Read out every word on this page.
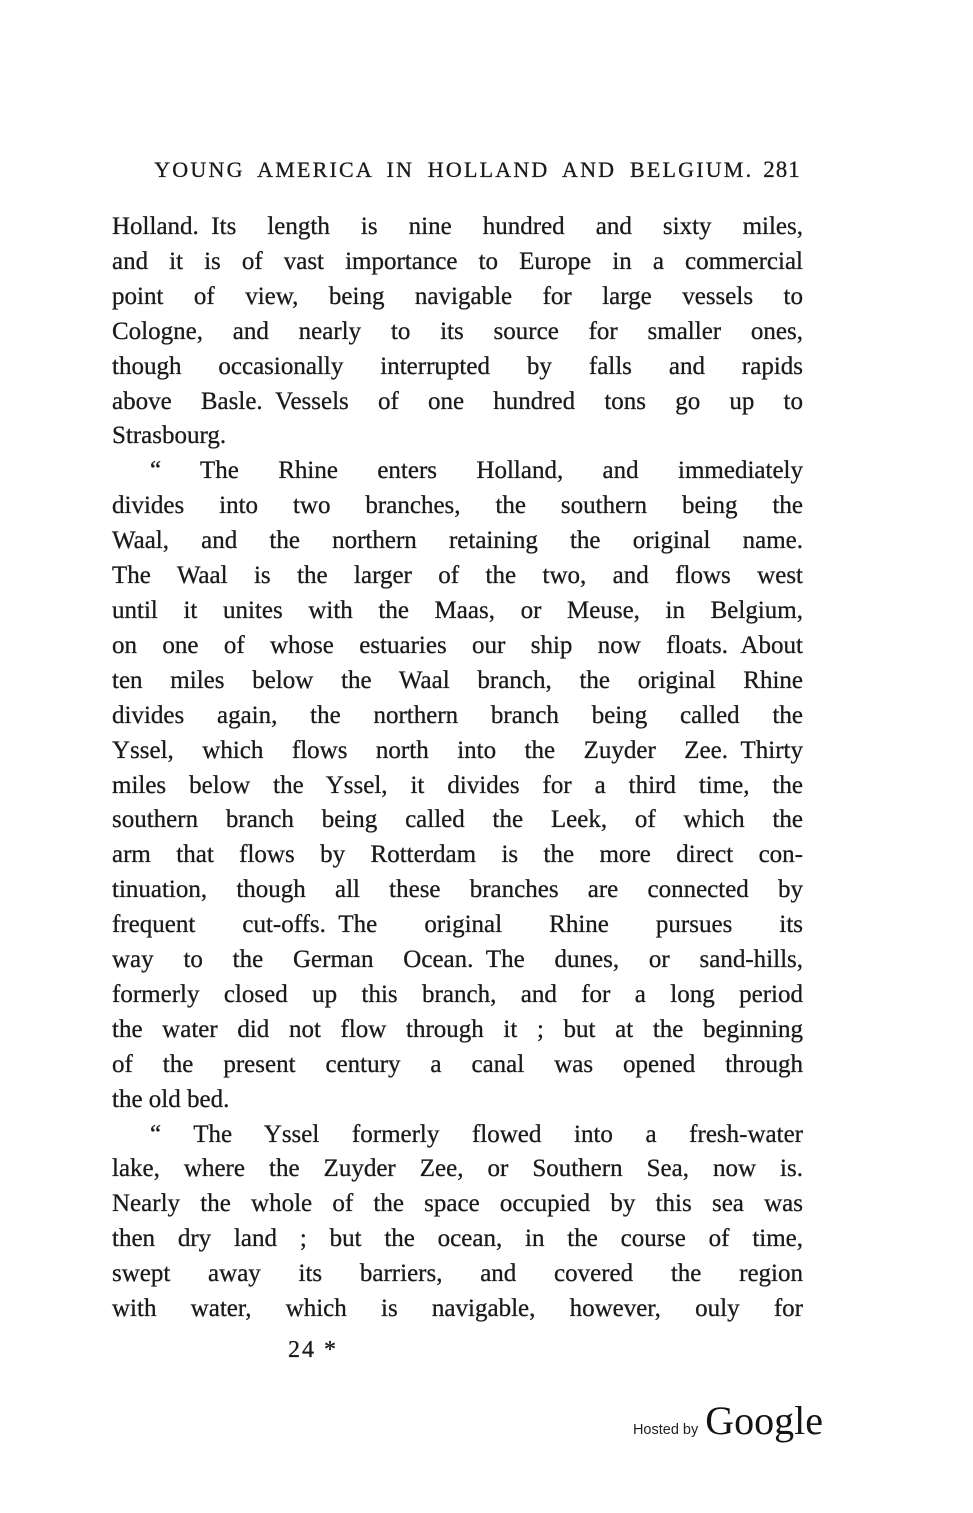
YOUNG AMERICA IN HOLLAND AND BELGIUM. 281
Holland. Its length is nine hundred and sixty miles,
and it is of vast importance to Europe in a commercial
point of view, being navigable for large vessels to
Cologne, and nearly to its source for smaller ones,
though occasionally interrupted by falls and rapids
above Basle. Vessels of one hundred tons go up to
Strasbourg.
“ The Rhine enters Holland, and immediately
divides into two branches, the southern being the
Waal, and the northern retaining the original name.
The Waal is the larger of the two, and flows west
until it unites with the Maas, or Meuse, in Belgium,
on one of whose estuaries our ship now floats. About
ten miles below the Waal branch, the original Rhine
divides again, the northern branch being called the
Yssel, which flows north into the Zuyder Zee. Thirty
miles below the Yssel, it divides for a third time, the
southern branch being called the Leek, of which the
arm that flows by Rotterdam is the more direct con-
tinuation, though all these branches are connected by
frequent cut-offs. The original Rhine pursues its
way to the German Ocean. The dunes, or sand-hills,
formerly closed up this branch, and for a long period
the water did not flow through it ; but at the beginning
of the present century a canal was opened through
the old bed.
“ The Yssel formerly flowed into a fresh-water
lake, where the Zuyder Zee, or Southern Sea, now is.
Nearly the whole of the space occupied by this sea was
then dry land ; but the ocean, in the course of time,
swept away its barriers, and covered the region
with water, which is navigable, however, ouly for
24 *
Hosted by Google
